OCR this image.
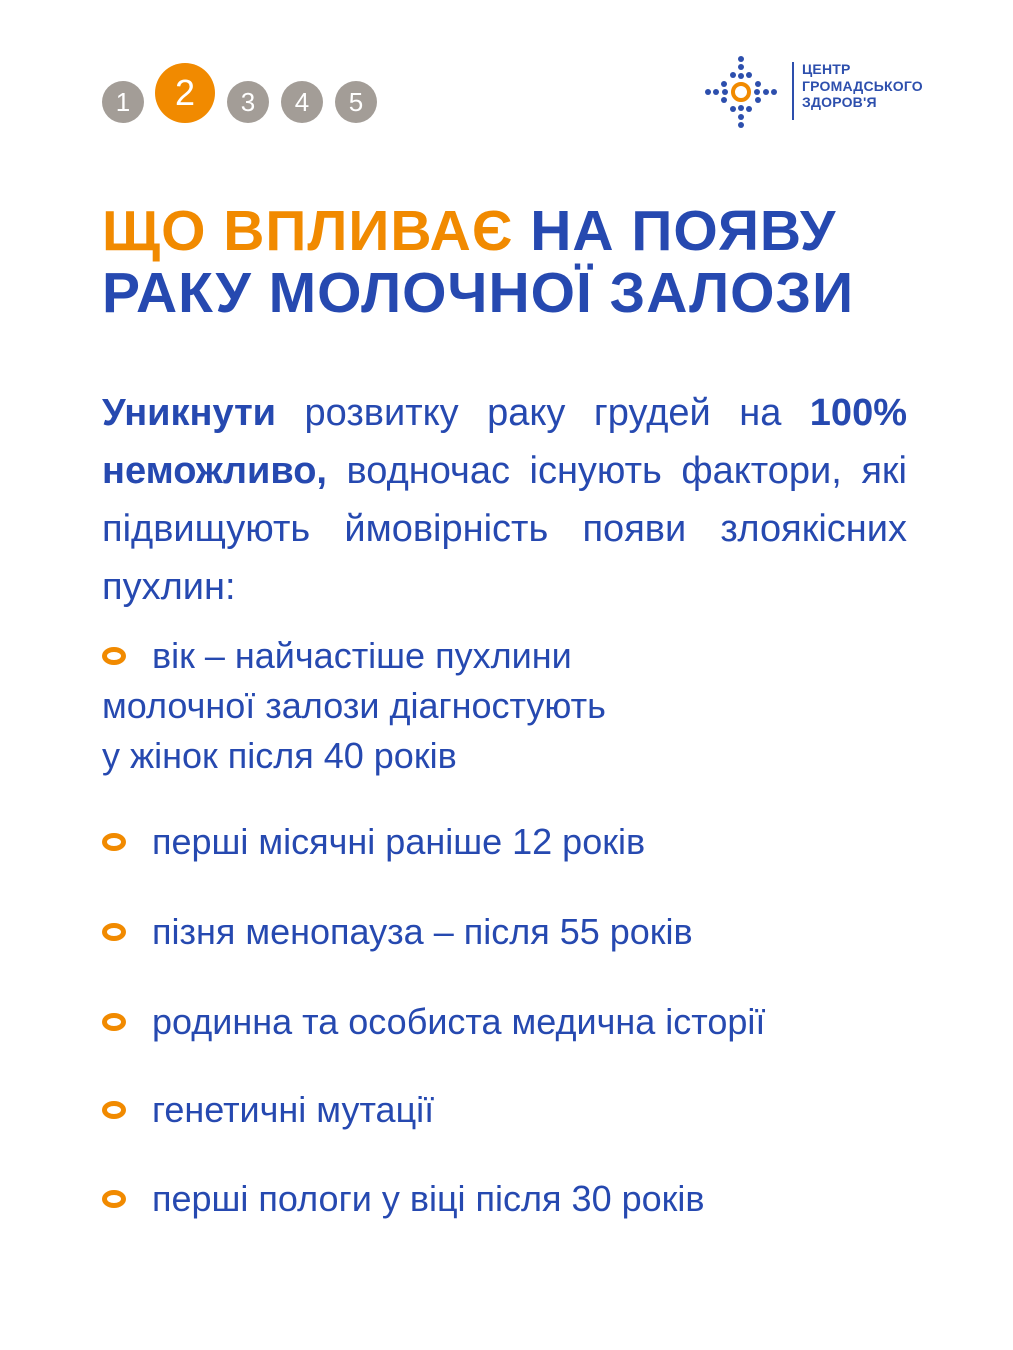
1	2	3	4	5
ЦЕНТР
ГРОМАДСЬКОГО
ЗДОРОВ'Я
ЩО ВПЛИВАЄ НА ПОЯВУ
РАКУ МОЛОЧНОЇ ЗАЛОЗИ

Уникнути розвитку раку грудей на 100% неможливо, водночас існують фактори, які підвищують ймовірність появи злоякісних пухлин:

вік – найчастіше пухлини
молочної залози діагностують
у жінок після 40 років
перші місячні раніше 12 років
пізня менопауза – після 55 років
родинна та особиста медична історії
генетичні мутації
перші пологи у віці після 30 років
